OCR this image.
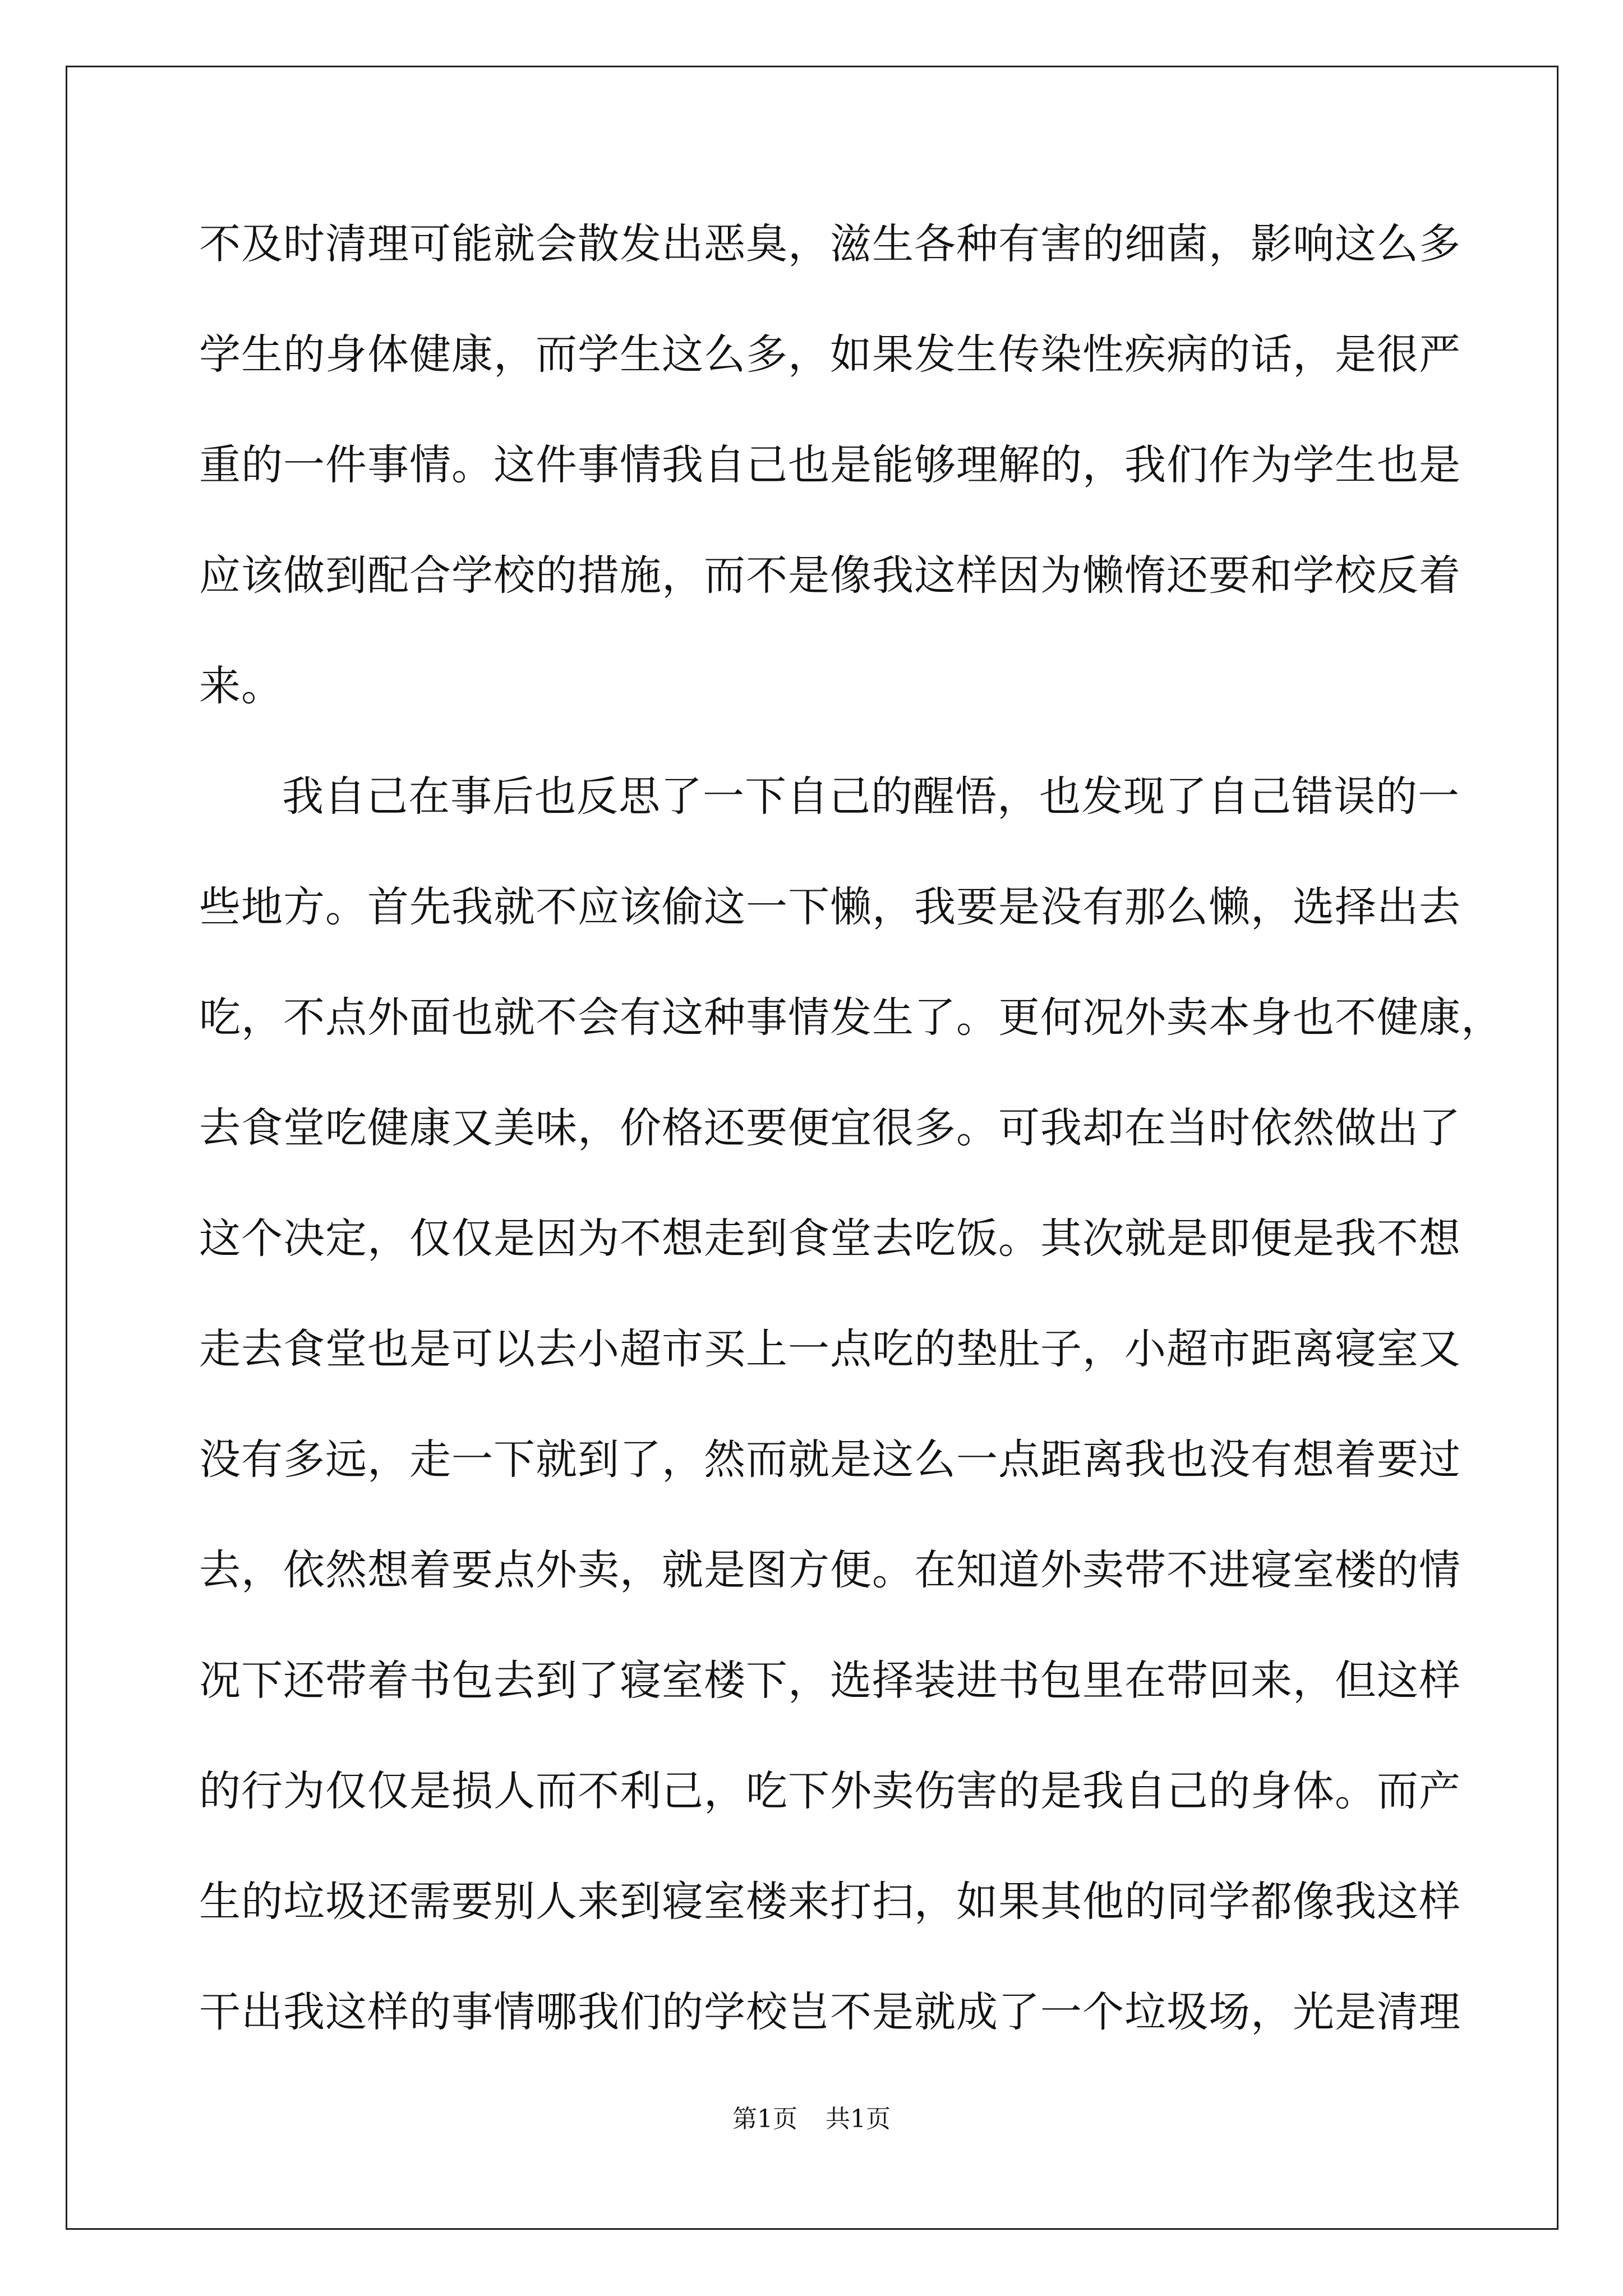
不及时清理可能就会散发出恶臭，滋生各种有害的细菌，影响这么多
学生的身体健康，而学生这么多，如果发生传染性疾病的话，是很严
重的一件事情。这件事情我自己也是能够理解的，我们作为学生也是
应该做到配合学校的措施，而不是像我这样因为懒惰还要和学校反着
来。
我自己在事后也反思了一下自己的醒悟，也发现了自己错误的一
些地方。首先我就不应该偷这一下懒，我要是没有那么懒，选择出去
吃，不点外面也就不会有这种事情发生了。更何况外卖本身也不健康，
去食堂吃健康又美味，价格还要便宜很多。可我却在当时依然做出了
这个决定，仅仅是因为不想走到食堂去吃饭。其次就是即便是我不想
走去食堂也是可以去小超市买上一点吃的垫肚子，小超市距离寝室又
没有多远，走一下就到了，然而就是这么一点距离我也没有想着要过
去，依然想着要点外卖，就是图方便。在知道外卖带不进寝室楼的情
况下还带着书包去到了寝室楼下，选择装进书包里在带回来，但这样
的行为仅仅是损人而不利己，吃下外卖伤害的是我自己的身体。而产
生的垃圾还需要别人来到寝室楼来打扫，如果其他的同学都像我这样
干出我这样的事情哪我们的学校岂不是就成了一个垃圾场，光是清理
第1页 共1页
